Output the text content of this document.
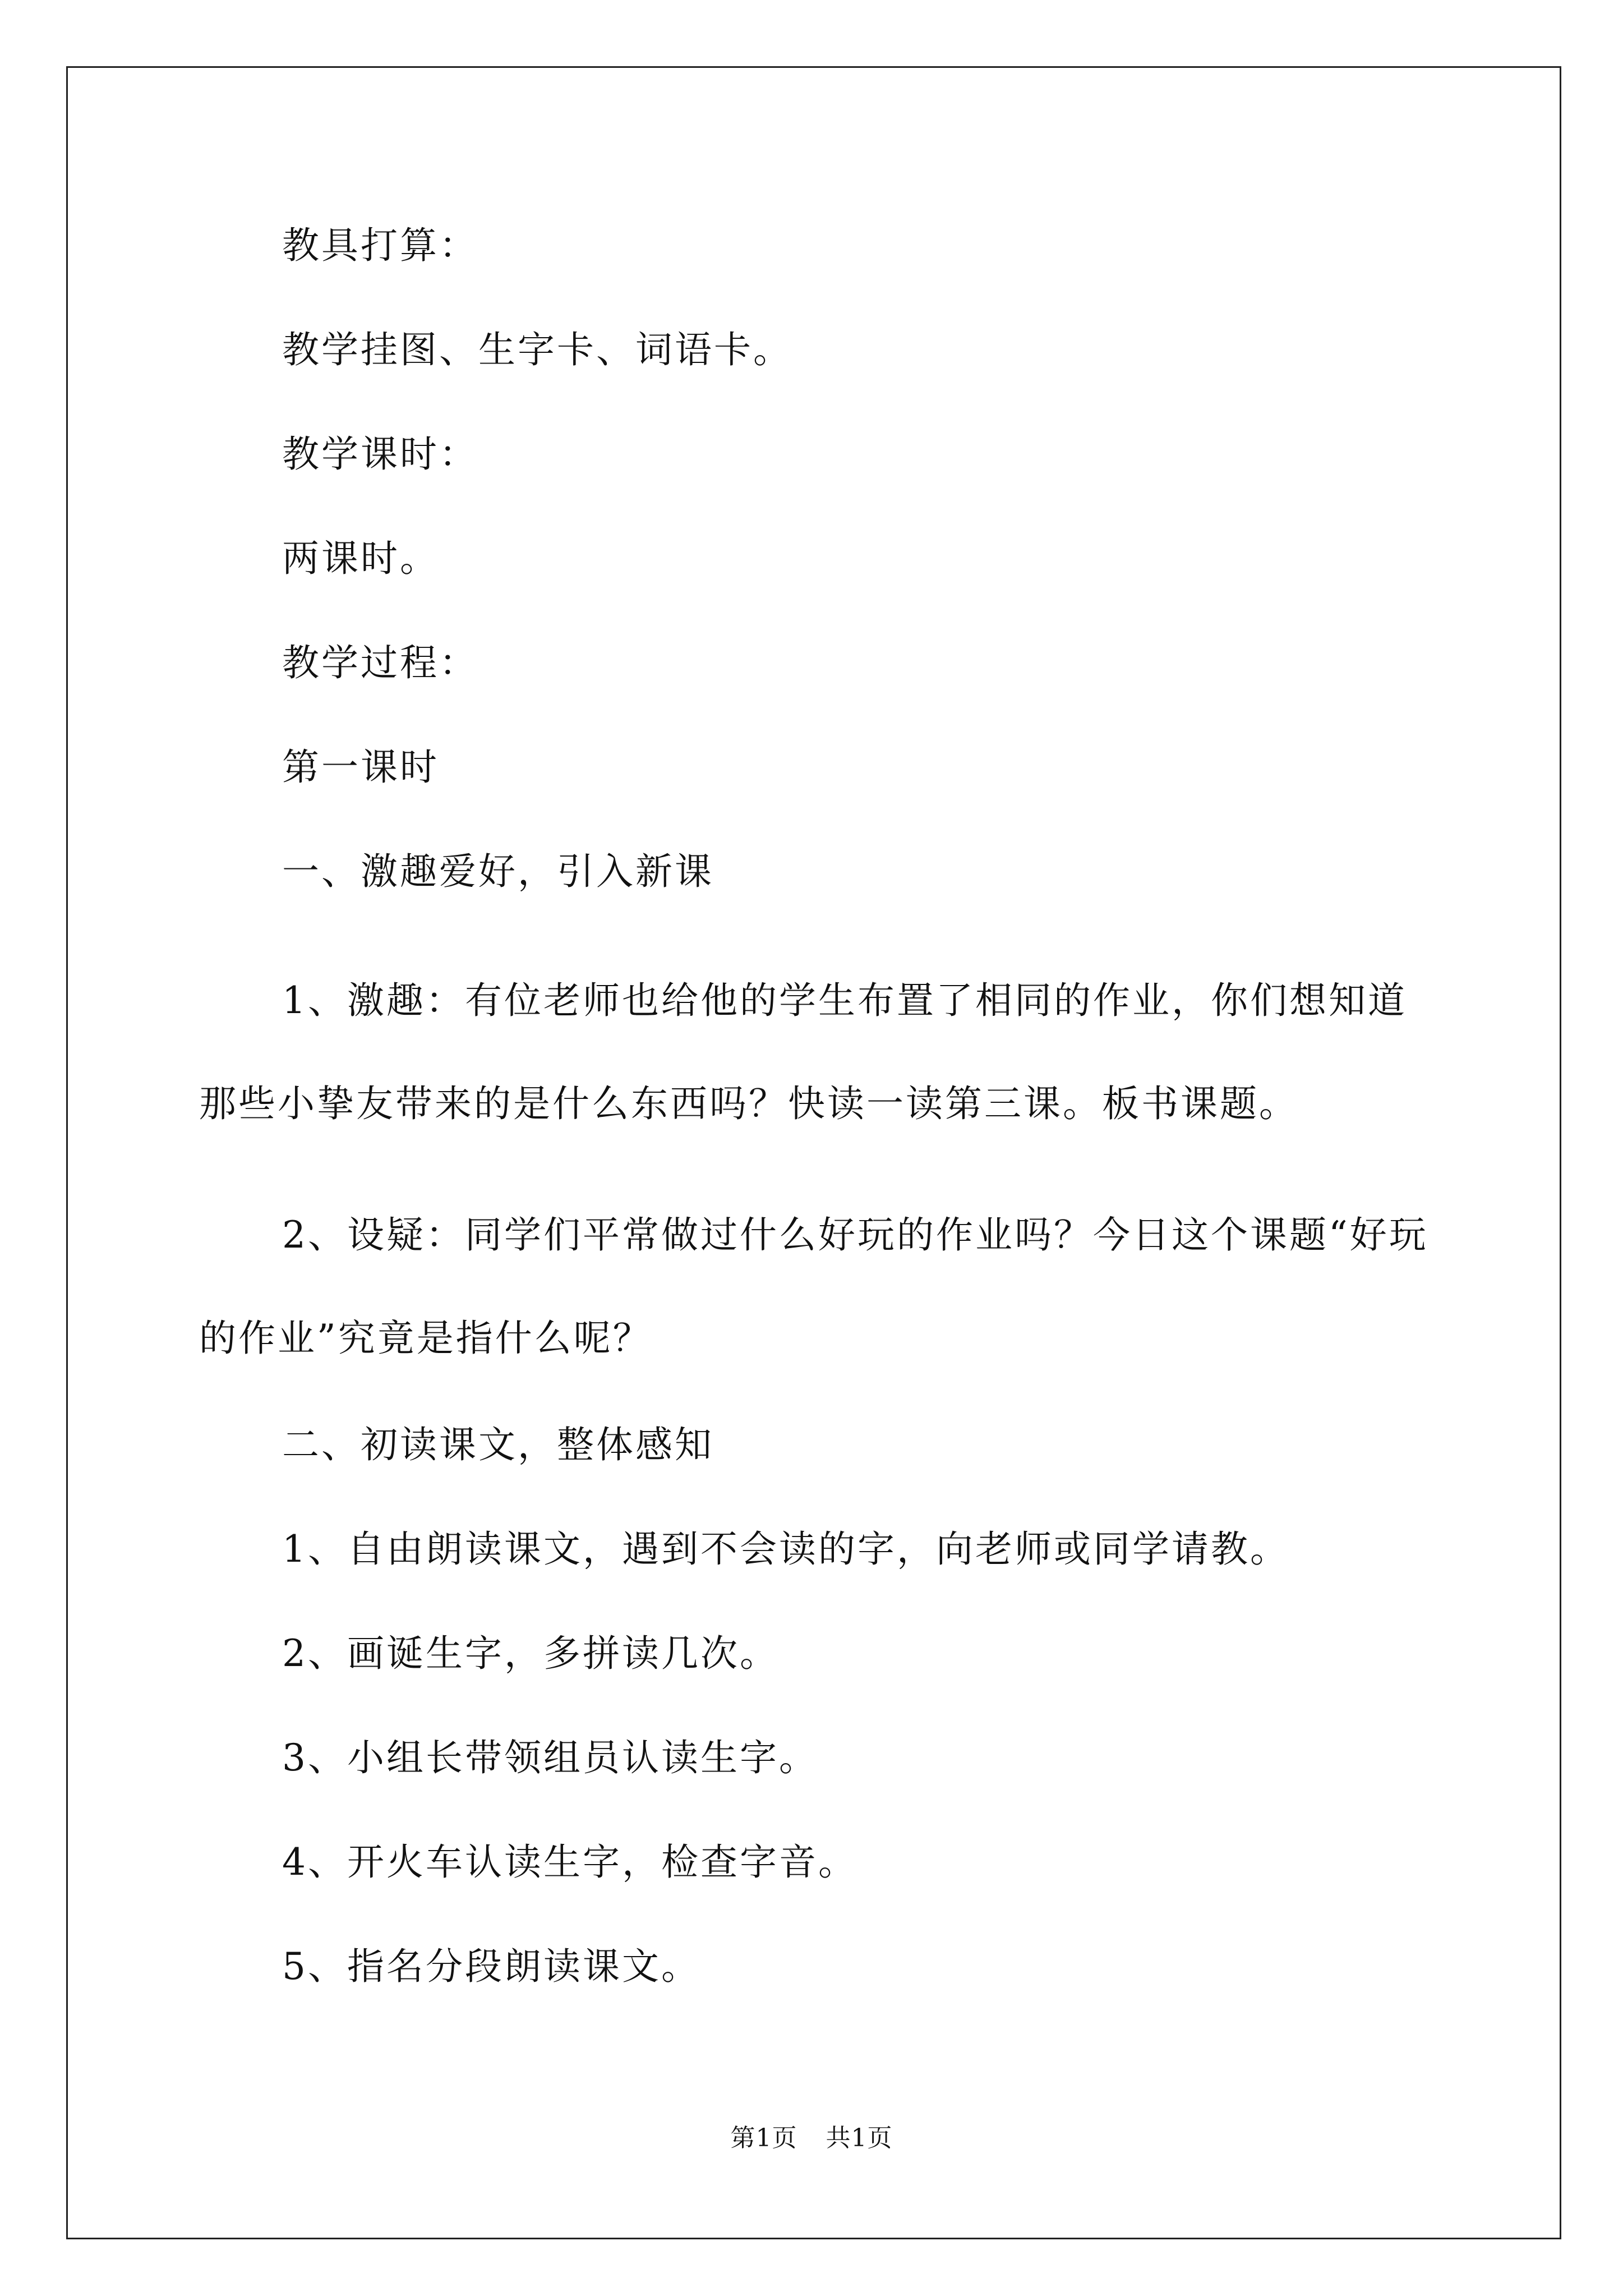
教具打算：

教学挂图、生字卡、词语卡。

教学课时：

两课时。

教学过程：

第一课时

一、激趣爱好，引入新课

1、激趣：有位老师也给他的学生布置了相同的作业，你们想知道那些小挚友带来的是什么东西吗？快读一读第三课。板书课题。

2、设疑：同学们平常做过什么好玩的作业吗？今日这个课题“好玩的作业”究竟是指什么呢？

二、初读课文，整体感知

1、自由朗读课文，遇到不会读的字，向老师或同学请教。

2、画诞生字，多拼读几次。

3、小组长带领组员认读生字。

4、开火车认读生字，检查字音。

5、指名分段朗读课文。

第1页 共1页
